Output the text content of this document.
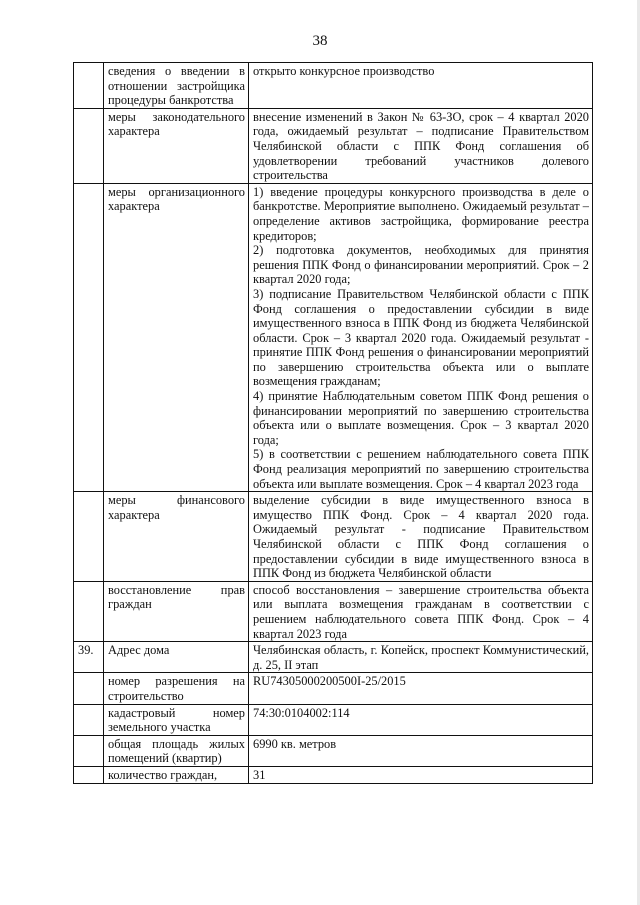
38
	сведения о введении в отношении застройщика процедуры банкротства	открыто конкурсное производство

	меры законодательного характера	внесение изменений в Закон № 63-ЗО, срок – 4 квартал 2020 года, ожидаемый результат – подписание Правительством Челябинской области с ППК Фонд соглашения об удовлетворении требований участников долевого строительства

	меры организационного характера	1) введение процедуры конкурсного производства в деле о банкротстве. Мероприятие выполнено. Ожидаемый результат – определение активов застройщика, формирование реестра кредиторов;
2) подготовка документов, необходимых для принятия решения ППК Фонд о финансировании мероприятий. Срок – 2 квартал 2020 года;
3) подписание Правительством Челябинской области с ППК Фонд соглашения о предоставлении субсидии в виде имущественного взноса в ППК Фонд из бюджета Челябинской области. Срок – 3 квартал 2020 года. Ожидаемый результат - принятие ППК Фонд решения о финансировании мероприятий по завершению строительства объекта или о выплате возмещения гражданам;
4) принятие Наблюдательным советом ППК Фонд решения о финансировании мероприятий по завершению строительства объекта или о выплате возмещения. Срок – 3 квартал 2020 года;
5) в соответствии с решением наблюдательного совета ППК Фонд реализация мероприятий по завершению строительства объекта или выплате возмещения. Срок – 4 квартал 2023 года

	меры финансового характера	выделение субсидии в виде имущественного взноса в имущество ППК Фонд. Срок – 4 квартал 2020 года. Ожидаемый результат - подписание Правительством Челябинской области с ППК Фонд соглашения о предоставлении субсидии в виде имущественного взноса в ППК Фонд из бюджета Челябинской области

	восстановление прав граждан	способ восстановления – завершение строительства объекта или выплата возмещения гражданам в соответствии с решением наблюдательного совета ППК Фонд. Срок – 4 квартал 2023 года

39.	Адрес дома	Челябинская область, г. Копейск, проспект Коммунистический, д. 25, II этап

	номер разрешения на строительство	RU74305000200500I-25/2015

	кадастровый номер земельного участка	74:30:0104002:114

	общая площадь жилых помещений (квартир)	6990 кв. метров

	количество граждан,	31
